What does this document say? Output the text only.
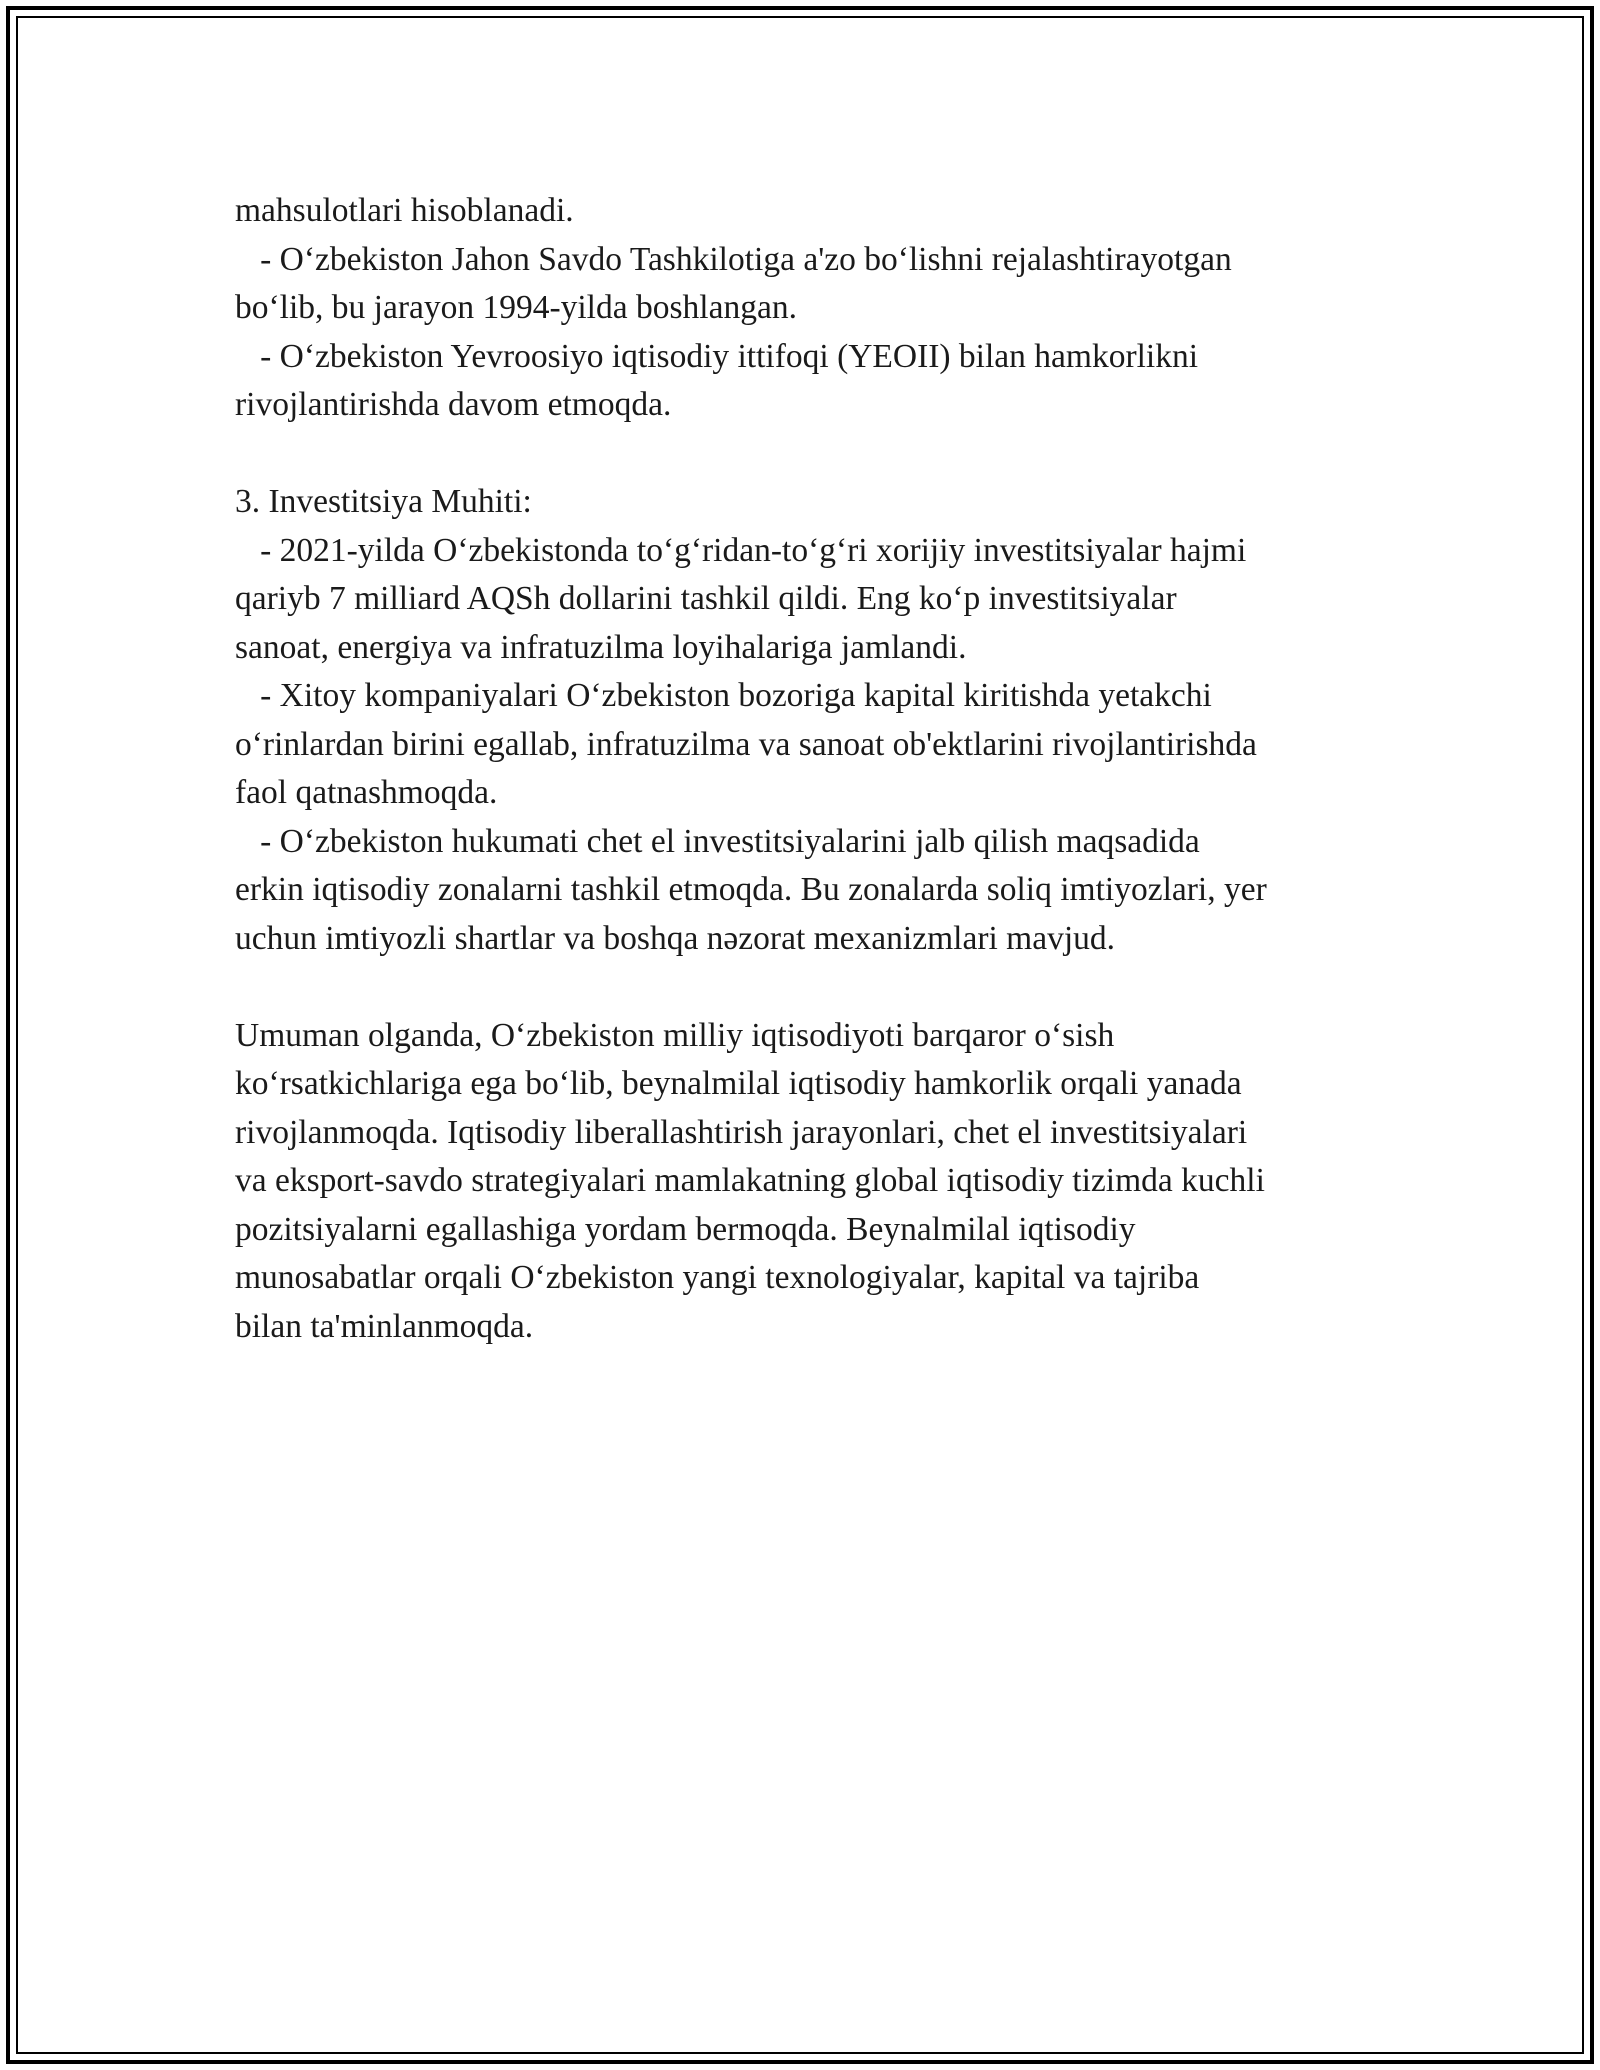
mahsulotlari hisoblanadi.
- O‘zbekiston Jahon Savdo Tashkilotiga a'zo bo‘lishni rejalashtirayotgan
bo‘lib, bu jarayon 1994-yilda boshlangan.
- O‘zbekiston Yevroosiyo iqtisodiy ittifoqi (YEOII) bilan hamkorlikni
rivojlantirishda davom etmoqda.
3. Investitsiya Muhiti:
- 2021-yilda O‘zbekistonda to‘g‘ridan-to‘g‘ri xorijiy investitsiyalar hajmi
qariyb 7 milliard AQSh dollarini tashkil qildi. Eng ko‘p investitsiyalar
sanoat, energiya va infratuzilma loyihalariga jamlandi.
- Xitoy kompaniyalari O‘zbekiston bozoriga kapital kiritishda yetakchi
o‘rinlardan birini egallab, infratuzilma va sanoat ob'ektlarini rivojlantirishda
faol qatnashmoqda.
- O‘zbekiston hukumati chet el investitsiyalarini jalb qilish maqsadida
erkin iqtisodiy zonalarni tashkil etmoqda. Bu zonalarda soliq imtiyozlari, yer
uchun imtiyozli shartlar va boshqa nəzorat mexanizmlari mavjud.
Umuman olganda, O‘zbekiston milliy iqtisodiyoti barqaror o‘sish
ko‘rsatkichlariga ega bo‘lib, beynalmilal iqtisodiy hamkorlik orqali yanada
rivojlanmoqda. Iqtisodiy liberallashtirish jarayonlari, chet el investitsiyalari
va eksport-savdo strategiyalari mamlakatning global iqtisodiy tizimda kuchli
pozitsiyalarni egallashiga yordam bermoqda. Beynalmilal iqtisodiy
munosabatlar orqali O‘zbekiston yangi texnologiyalar, kapital va tajriba
bilan ta'minlanmoqda.
